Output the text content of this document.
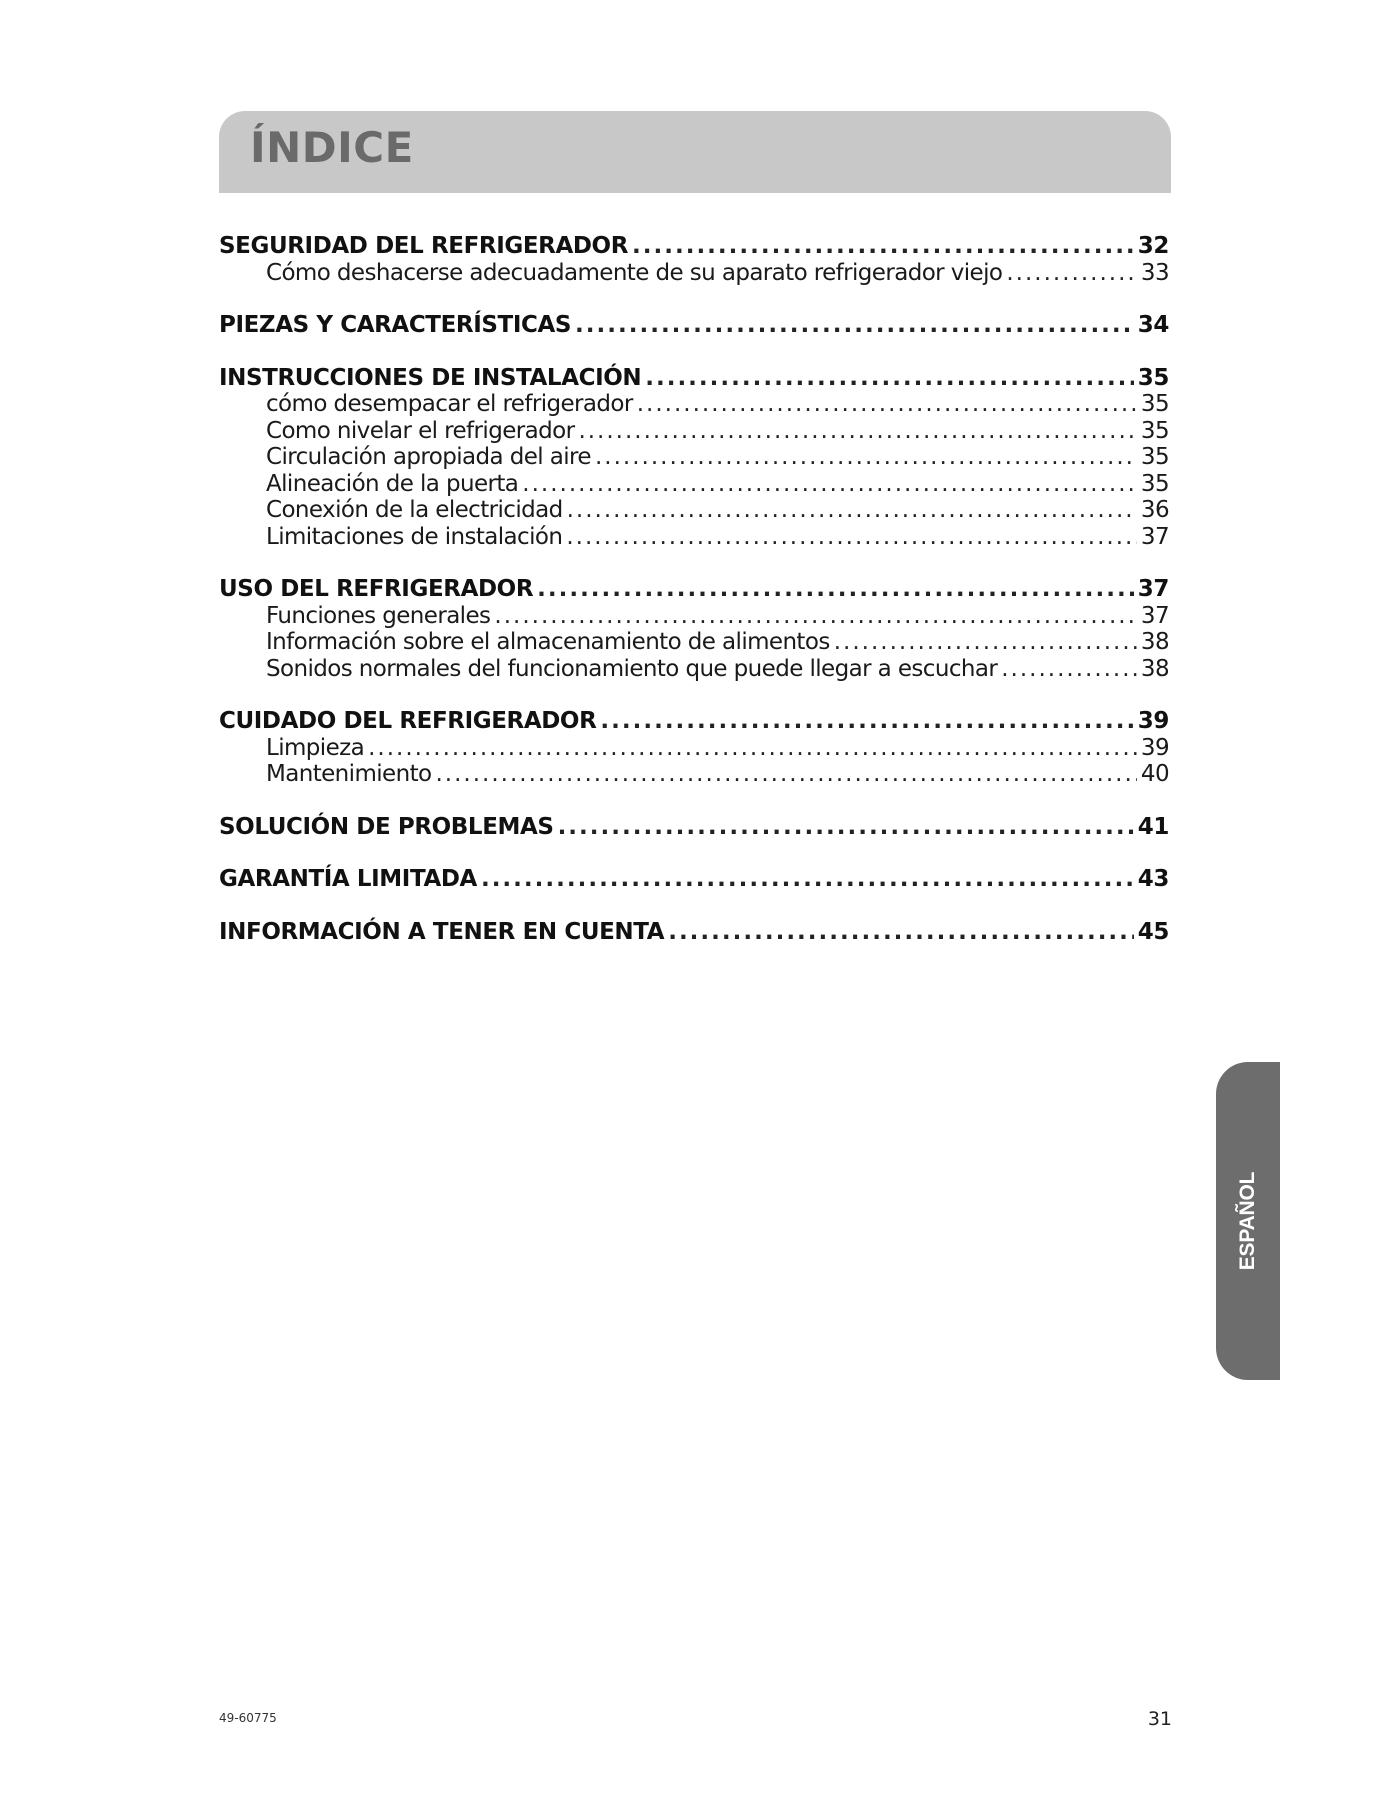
ÍNDICE
SEGURIDAD DEL REFRIGERADOR .....	32
Cómo deshacerse adecuadamente de su aparato refrigerador viejo .....	33
PIEZAS Y CARACTERÍSTICAS .....	34
INSTRUCCIONES DE INSTALACIÓN .....	35
cómo desempacar el refrigerador .....	35
Como nivelar el refrigerador .....	35
Circulación apropiada del aire .....	35
Alineación de la puerta .....	35
Conexión de la electricidad .....	36
Limitaciones de instalación .....	37
USO DEL REFRIGERADOR .....	37
Funciones generales .....	37
Información sobre el almacenamiento de alimentos .....	38
Sonidos normales del funcionamiento que puede llegar a escuchar .....	38
CUIDADO DEL REFRIGERADOR .....	39
Limpieza .....	39
Mantenimiento .....	40
SOLUCIÓN DE PROBLEMAS .....	41
GARANTÍA LIMITADA .....	43
INFORMACIÓN A TENER EN CUENTA .....	45
ESPAÑOL
49-60775	31
